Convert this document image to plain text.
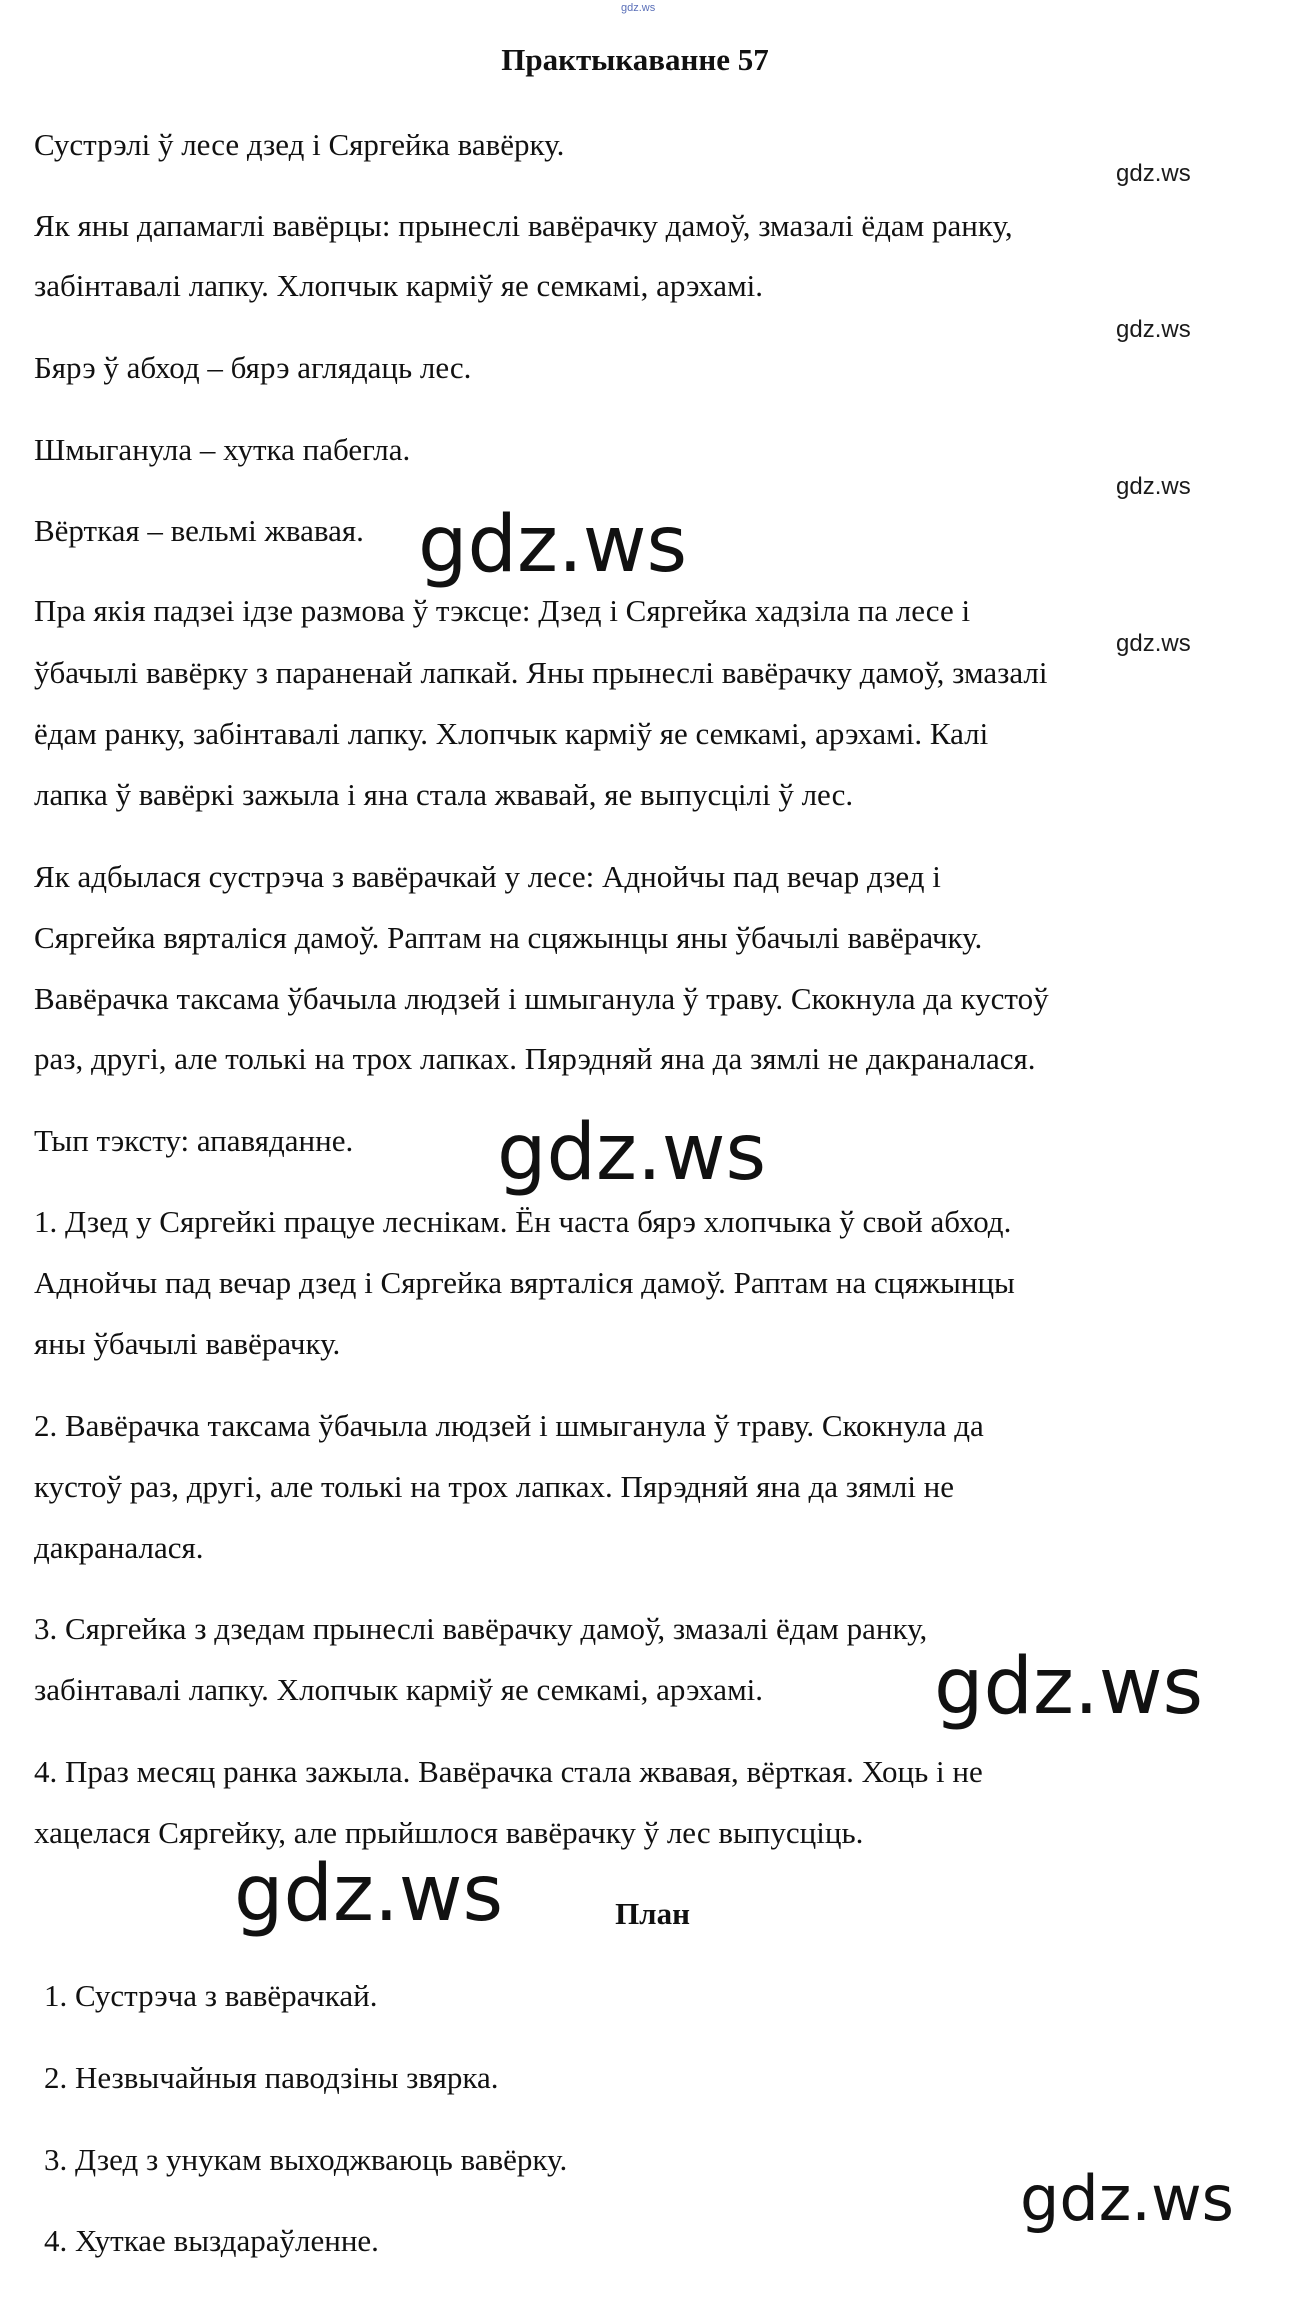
gdz.ws
Практыкаванне 57
Сустрэлі ў лесе дзед і Сяргейка вавёрку.
Як яны дапамаглі вавёрцы: прынеслі вавёрачку дамоў, змазалі ёдам ранку,
забінтавалі лапку. Хлопчык карміў яе семкамі, арэхамі.
Бярэ ў абход – бярэ аглядаць лес.
Шмыганула – хутка пабегла.
Вёрткая – вельмі жвавая.
Пра якія падзеі ідзе размова ў тэксце: Дзед і Сяргейка хадзіла па лесе і
ўбачылі вавёрку з параненай лапкай. Яны прынеслі вавёрачку дамоў, змазалі
ёдам ранку, забінтавалі лапку. Хлопчык карміў яе семкамі, арэхамі. Калі
лапка ў вавёркі зажыла і яна стала жвавай, яе выпусцілі ў лес.
Як адбылася сустрэча з вавёрачкай у лесе: Аднойчы пад вечар дзед і
Сяргейка вярталіся дамоў. Раптам на сцяжынцы яны ўбачылі вавёрачку.
Вавёрачка таксама ўбачыла людзей і шмыганула ў траву. Скокнула да кустоў
раз, другі, але толькі на трох лапках. Пярэдняй яна да зямлі не дакраналася.
Тып тэксту: апавяданне.
1. Дзед у Сяргейкі працуе леснікам. Ён часта бярэ хлопчыка ў свой абход.
Аднойчы пад вечар дзед і Сяргейка вярталіся дамоў. Раптам на сцяжынцы
яны ўбачылі вавёрачку.
2. Вавёрачка таксама ўбачыла людзей і шмыганула ў траву. Скокнула да
кустоў раз, другі, але толькі на трох лапках. Пярэдняй яна да зямлі не
дакраналася.
3. Сяргейка з дзедам прынеслі вавёрачку дамоў, змазалі ёдам ранку,
забінтавалі лапку. Хлопчык карміў яе семкамі, арэхамі.
4. Праз месяц ранка зажыла. Вавёрачка стала жвавая, вёрткая. Хоць і не
хацелася Сяргейку, але прыйшлося вавёрачку ў лес выпусціць.
План
1. Сустрэча з вавёрачкай.
2. Незвычайныя паводзіны звярка.
3. Дзед з унукам выходжваюць вавёрку.
4. Хуткае выздараўленне.
gdz.ws
gdz.ws
gdz.ws
gdz.ws
gdz.ws
gdz.ws
gdz.ws
gdz.ws
gdz.ws
